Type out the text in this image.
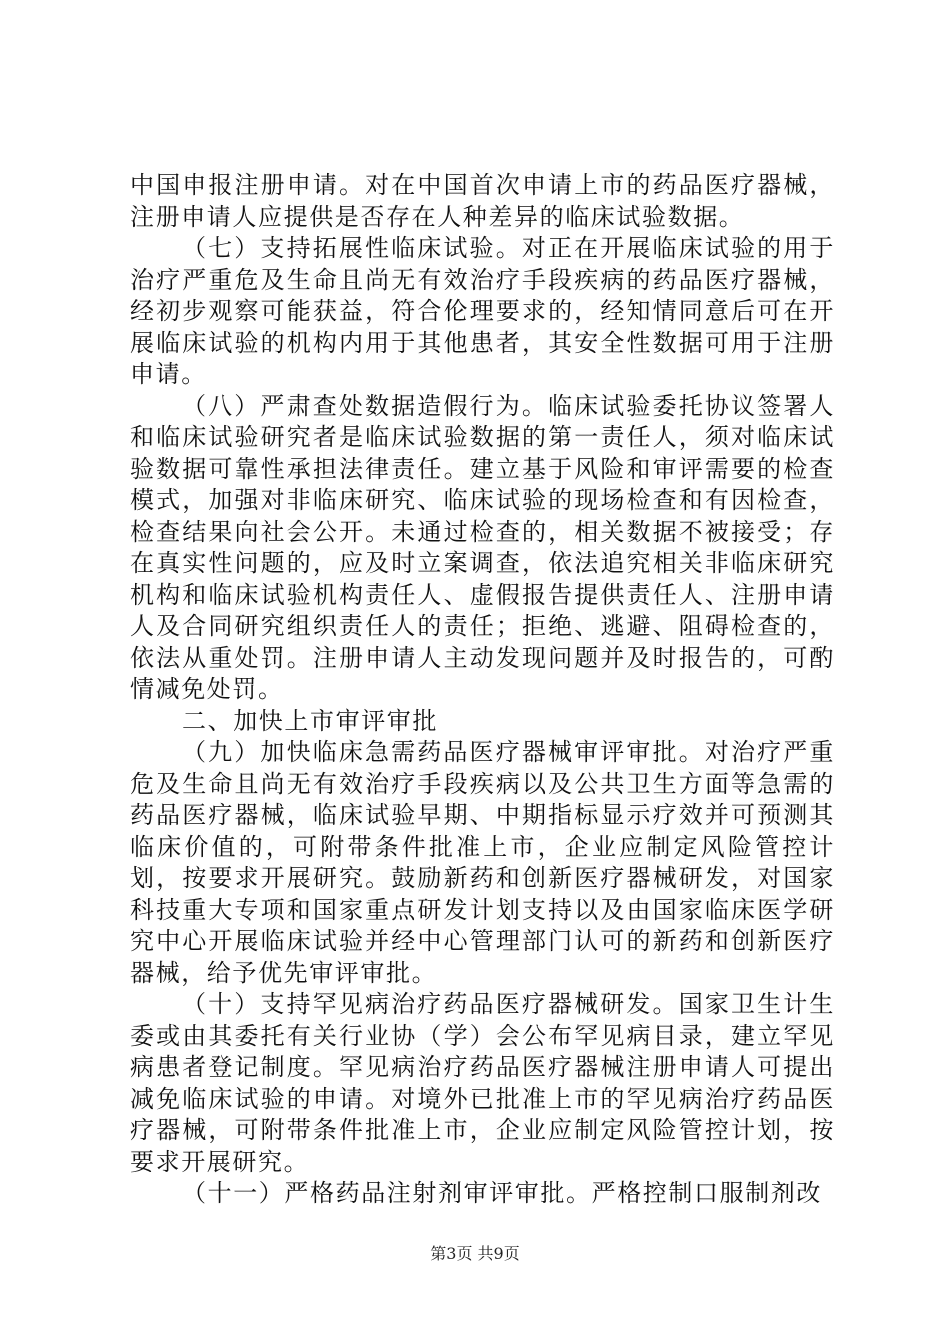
中国申报注册申请。对在中国首次申请上市的药品医疗器械，注册申请人应提供是否存在人种差异的临床试验数据。

（七）支持拓展性临床试验。对正在开展临床试验的用于治疗严重危及生命且尚无有效治疗手段疾病的药品医疗器械，经初步观察可能获益，符合伦理要求的，经知情同意后可在开展临床试验的机构内用于其他患者，其安全性数据可用于注册申请。

（八）严肃查处数据造假行为。临床试验委托协议签署人和临床试验研究者是临床试验数据的第一责任人，须对临床试验数据可靠性承担法律责任。建立基于风险和审评需要的检查模式，加强对非临床研究、临床试验的现场检查和有因检查，检查结果向社会公开。未通过检查的，相关数据不被接受；存在真实性问题的，应及时立案调查，依法追究相关非临床研究机构和临床试验机构责任人、虚假报告提供责任人、注册申请人及合同研究组织责任人的责任；拒绝、逃避、阻碍检查的，依法从重处罚。注册申请人主动发现问题并及时报告的，可酌情减免处罚。

二、加快上市审评审批

（九）加快临床急需药品医疗器械审评审批。对治疗严重危及生命且尚无有效治疗手段疾病以及公共卫生方面等急需的药品医疗器械，临床试验早期、中期指标显示疗效并可预测其临床价值的，可附带条件批准上市，企业应制定风险管控计划，按要求开展研究。鼓励新药和创新医疗器械研发，对国家科技重大专项和国家重点研发计划支持以及由国家临床医学研究中心开展临床试验并经中心管理部门认可的新药和创新医疗器械，给予优先审评审批。

（十）支持罕见病治疗药品医疗器械研发。国家卫生计生委或由其委托有关行业协（学）会公布罕见病目录，建立罕见病患者登记制度。罕见病治疗药品医疗器械注册申请人可提出减免临床试验的申请。对境外已批准上市的罕见病治疗药品医疗器械，可附带条件批准上市，企业应制定风险管控计划，按要求开展研究。

（十一）严格药品注射剂审评审批。严格控制口服制剂改

第3页 共9页
